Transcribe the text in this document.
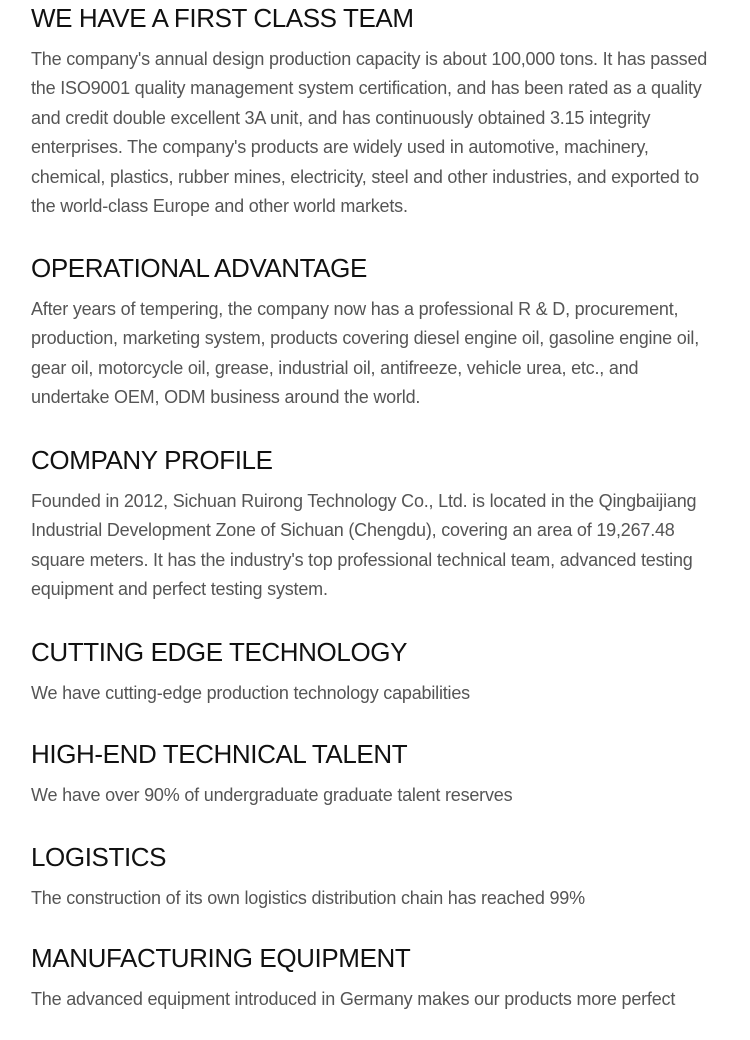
WE HAVE A FIRST CLASS TEAM

The company's annual design production capacity is about 100,000 tons. It has passed the ISO9001 quality management system certification, and has been rated as a quality and credit double excellent 3A unit, and has continuously obtained 3.15 integrity enterprises. The company's products are widely used in automotive, machinery, chemical, plastics, rubber mines, electricity, steel and other industries, and exported to the world-class Europe and other world markets.

OPERATIONAL ADVANTAGE

After years of tempering, the company now has a professional R & D, procurement, production, marketing system, products covering diesel engine oil, gasoline engine oil, gear oil, motorcycle oil, grease, industrial oil, antifreeze, vehicle urea, etc., and undertake OEM, ODM business around the world.

COMPANY PROFILE

Founded in 2012, Sichuan Ruirong Technology Co., Ltd. is located in the Qingbaijiang Industrial Development Zone of Sichuan (Chengdu), covering an area of 19,267.48 square meters. It has the industry's top professional technical team, advanced testing equipment and perfect testing system.

CUTTING EDGE TECHNOLOGY

We have cutting-edge production technology capabilities

HIGH-END TECHNICAL TALENT

We have over 90% of undergraduate graduate talent reserves

LOGISTICS

The construction of its own logistics distribution chain has reached 99%

MANUFACTURING EQUIPMENT

The advanced equipment introduced in Germany makes our products more perfect
